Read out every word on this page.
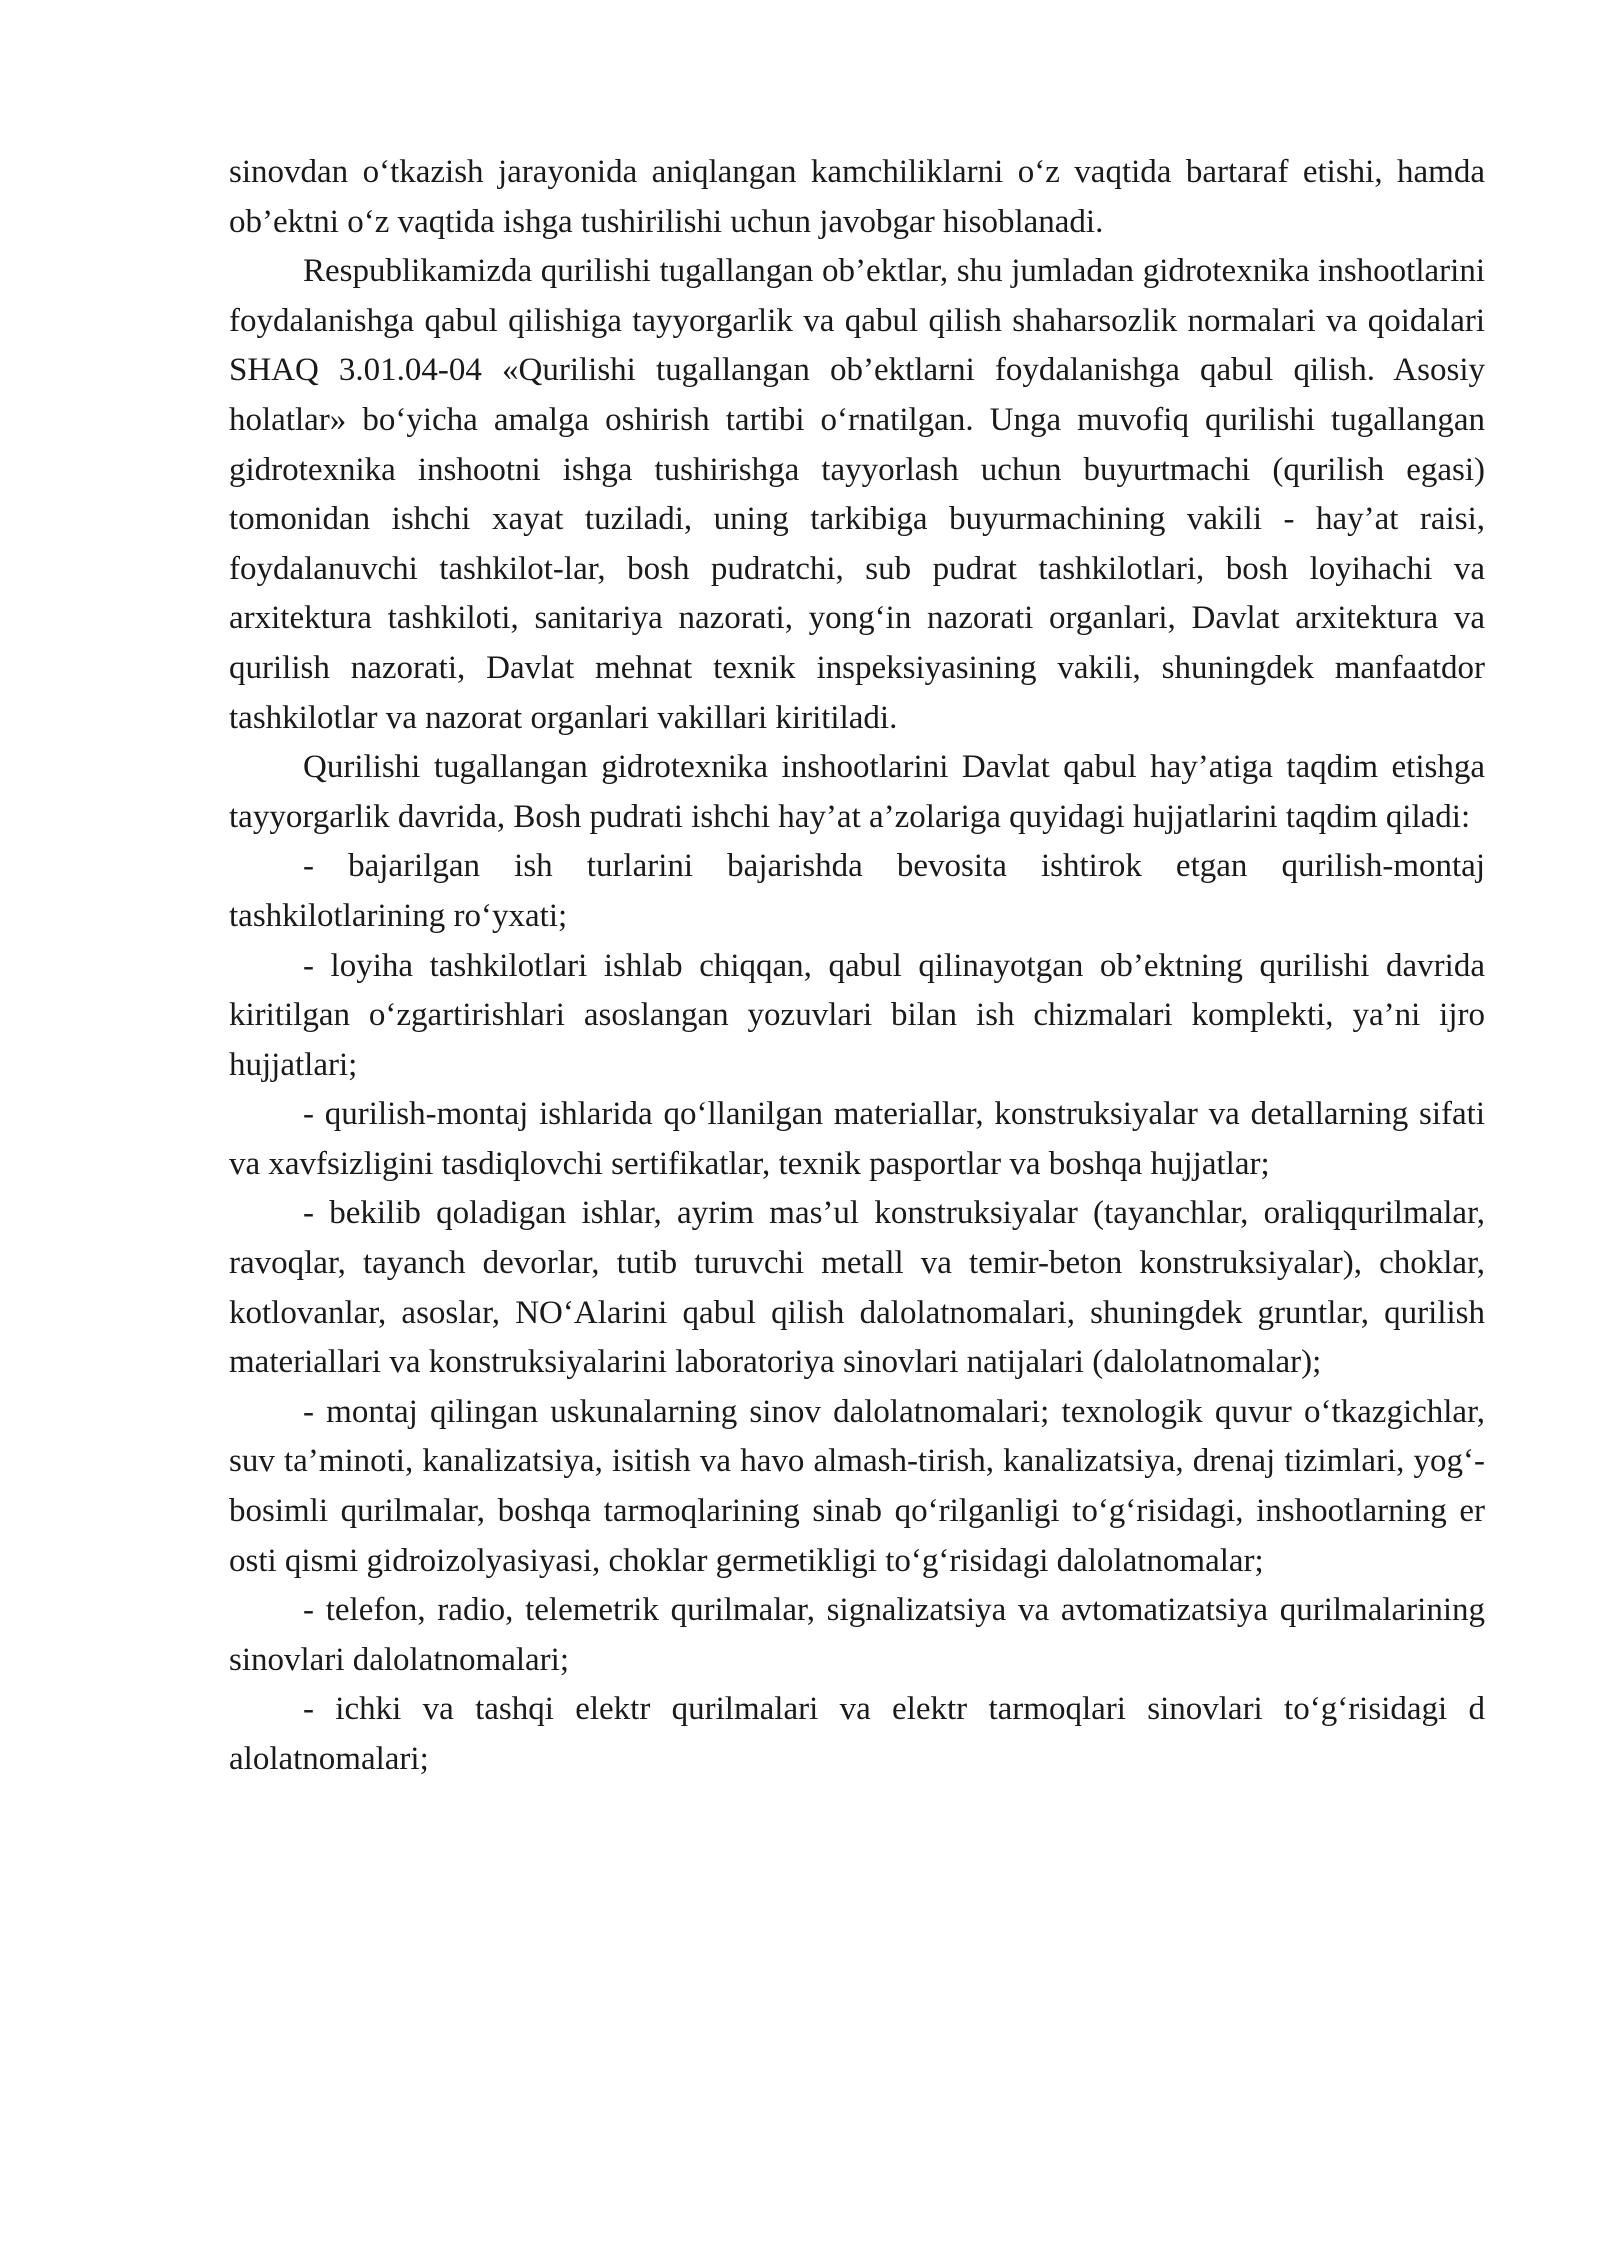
sinovdan o‘tkazish jarayonida aniqlangan kamchiliklarni o‘z vaqtida bartaraf etishi, hamda ob’ektni o‘z vaqtida ishga tushirilishi uchun javobgar hisoblanadi.

Respublikamizda qurilishi tugallangan ob’ektlar, shu jumladan gidrotexnika inshootlarini foydalanishga qabul qilishiga tayyorgarlik va qabul qilish shaharsozlik normalari va qoidalari SHAQ 3.01.04-04 «Qurilishi tugallangan ob’ektlarni foydalanishga qabul qilish. Asosiy holatlar» bo‘yicha amalga oshirish tartibi o‘rnatilgan. Unga muvofiq qurilishi tugallangan gidrotexnika inshootni ishga tushirishga tayyorlash uchun buyurtmachi (qurilish egasi) tomonidan ishchi xayat tuziladi, uning tarkibiga buyurmachining vakili - hay’at raisi, foydalanuvchi tashkilot-lar, bosh pudratchi, sub pudrat tashkilotlari, bosh loyihachi va arxitektura tashkiloti, sanitariya nazorati, yong‘in nazorati organlari, Davlat arxitektura va qurilish nazorati, Davlat mehnat texnik inspeksiyasining vakili, shuningdek manfaatdor tashkilotlar va nazorat organlari vakillari kiritiladi.

Qurilishi tugallangan gidrotexnika inshootlarini Davlat qabul hay’atiga taqdim etishga tayyorgarlik davrida, Bosh pudrati ishchi hay’at a’zolariga quyidagi hujjatlarini taqdim qiladi:

- bajarilgan ish turlarini bajarishda bevosita ishtirok etgan qurilish-montaj tashkilotlarining ro‘yxati;

- loyiha tashkilotlari ishlab chiqqan, qabul qilinayotgan ob’ektning qurilishi davrida kiritilgan o‘zgartirishlari asoslangan yozuvlari bilan ish chizmalari komplekti, ya’ni ijro hujjatlari;

- qurilish-montaj ishlarida qo‘llanilgan materiallar, konstruksiyalar va detallarning sifati va xavfsizligini tasdiqlovchi sertifikatlar, texnik pasportlar va boshqa hujjatlar;

- bekilib qoladigan ishlar, ayrim mas’ul konstruksiyalar (tayanchlar, oraliqqurilmalar, ravoqlar, tayanch devorlar, tutib turuvchi metall va temir-beton konstruksiyalar), choklar, kotlovanlar, asoslar, NO‘Alarini qabul qilish dalolatnomalari, shuningdek gruntlar, qurilish materiallari va konstruksiyalarini laboratoriya sinovlari natijalari (dalolatnomalar);

- montaj qilingan uskunalarning sinov dalolatnomalari; texnologik quvur o‘tkazgichlar, suv ta’minoti, kanalizatsiya, isitish va havo almash-tirish, kanalizatsiya, drenaj tizimlari, yog‘-bosimli qurilmalar, boshqa tarmoqlarining sinab qo‘rilganligi to‘g‘risidagi, inshootlarning er osti qismi gidroizolyasiyasi, choklar germetikligi to‘g‘risidagi dalolatnomalar;

- telefon, radio, telemetrik qurilmalar, signalizatsiya va avtomatizatsiya qurilmalarining sinovlari dalolatnomalari;

- ichki va tashqi elektr qurilmalari va elektr tarmoqlari sinovlari to‘g‘risidagi d alolatnomalari;
